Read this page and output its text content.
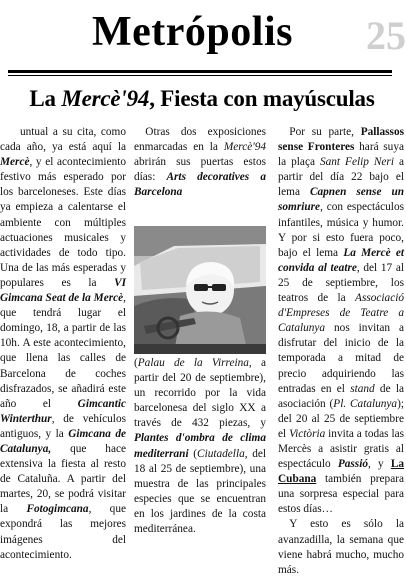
Metrópolis 25
La Mercè'94, Fiesta con mayúsculas

untual a su cita, como cada año, ya está aquí la Mercè, y el acontecimiento festivo más esperado por los barceloneses. Este días ya empieza a calentarse el ambiente con múltiples actuaciones musicales y actividades de todo tipo. Una de las más esperadas y populares es la VI Gimcana Seat de la Mercè, que tendrá lugar el domingo, 18, a partir de las 10h. A este acontecimiento, que llena las calles de Barcelona de coches disfrazados, se añadirá este año el Gimcantic Winterthur, de vehículos antiguos, y la Gimcana de Catalunya, que hace extensiva la fiesta al resto de Cataluña. A partir del martes, 20, se podrá visitar la Fotogimcana, que expondrá las mejores imágenes del acontecimiento.

 Otras dos exposiciones enmarcadas en la Mercè'94 abrirán sus puertas estos días: Arts decoratives a Barcelona

(Palau de la Virreina, a partir del 20 de septiembre), un recorrido por la vida barcelonesa del siglo XX a través de 432 piezas, y Plantes d'ombra de clima mediterrani (Ciutadella, del 18 al 25 de septiembre), una muestra de las principales especies que se encuentran en los jardines de la costa mediterránea.

 Por su parte, Pallassos sense Fronteres hará suya la plaça Sant Felip Neri a partir del día 22 bajo el lema Capnen sense un somriure, con espectáculos infantiles, música y humor. Y por si esto fuera poco, bajo el lema La Mercè et convida al teatre, del 17 al 25 de septiembre, los teatros de la Associació d'Empreses de Teatre a Catalunya nos invitan a disfrutar del inicio de la temporada a mitad de precio adquiriendo las entradas en el stand de la asociación (Pl. Catalunya); del 20 al 25 de septiembre el Victòria invita a todas las Mercès a asistir gratis al espectáculo Passió, y La Cubana también prepara una sorpresa especial para estos días…

 Y esto es sólo la avanzadilla, la semana que viene habrá mucho, mucho más.
